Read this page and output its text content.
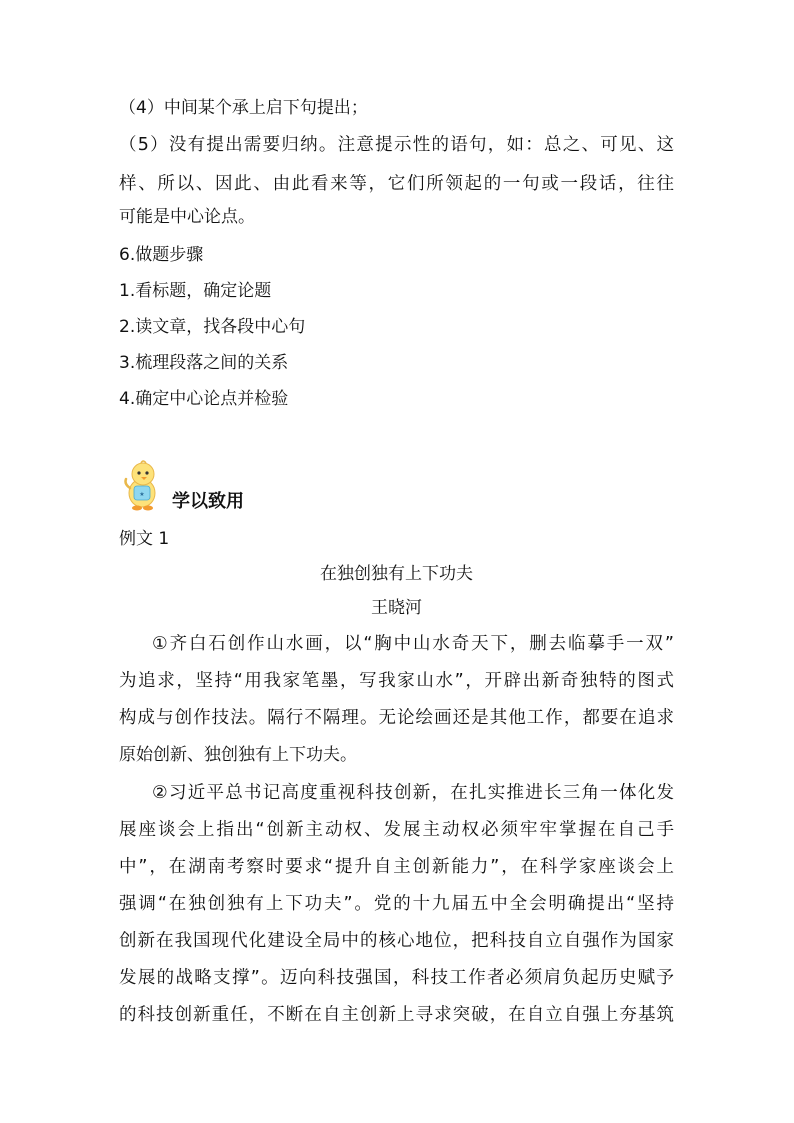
（4）中间某个承上启下句提出；
（5）没有提出需要归纳。注意提示性的语句，如：总之、可见、这
样、所以、因此、由此看来等，它们所领起的一句或一段话，往往
可能是中心论点。
6.做题步骤
1.看标题，确定论题
2.读文章，找各段中心句
3.梳理段落之间的关系
4.确定中心论点并检验
★ 学以致用
例文 1
在独创独有上下功夫
王晓河
①齐白石创作山水画，以“胸中山水奇天下，删去临摹手一双”
为追求，坚持“用我家笔墨，写我家山水”，开辟出新奇独特的图式
构成与创作技法。隔行不隔理。无论绘画还是其他工作，都要在追求
原始创新、独创独有上下功夫。
②习近平总书记高度重视科技创新，在扎实推进长三角一体化发
展座谈会上指出“创新主动权、发展主动权必须牢牢掌握在自己手
中”，在湖南考察时要求“提升自主创新能力”，在科学家座谈会上
强调“在独创独有上下功夫”。党的十九届五中全会明确提出“坚持
创新在我国现代化建设全局中的核心地位，把科技自立自强作为国家
发展的战略支撑”。迈向科技强国，科技工作者必须肩负起历史赋予
的科技创新重任，不断在自主创新上寻求突破，在自立自强上夯基筑
